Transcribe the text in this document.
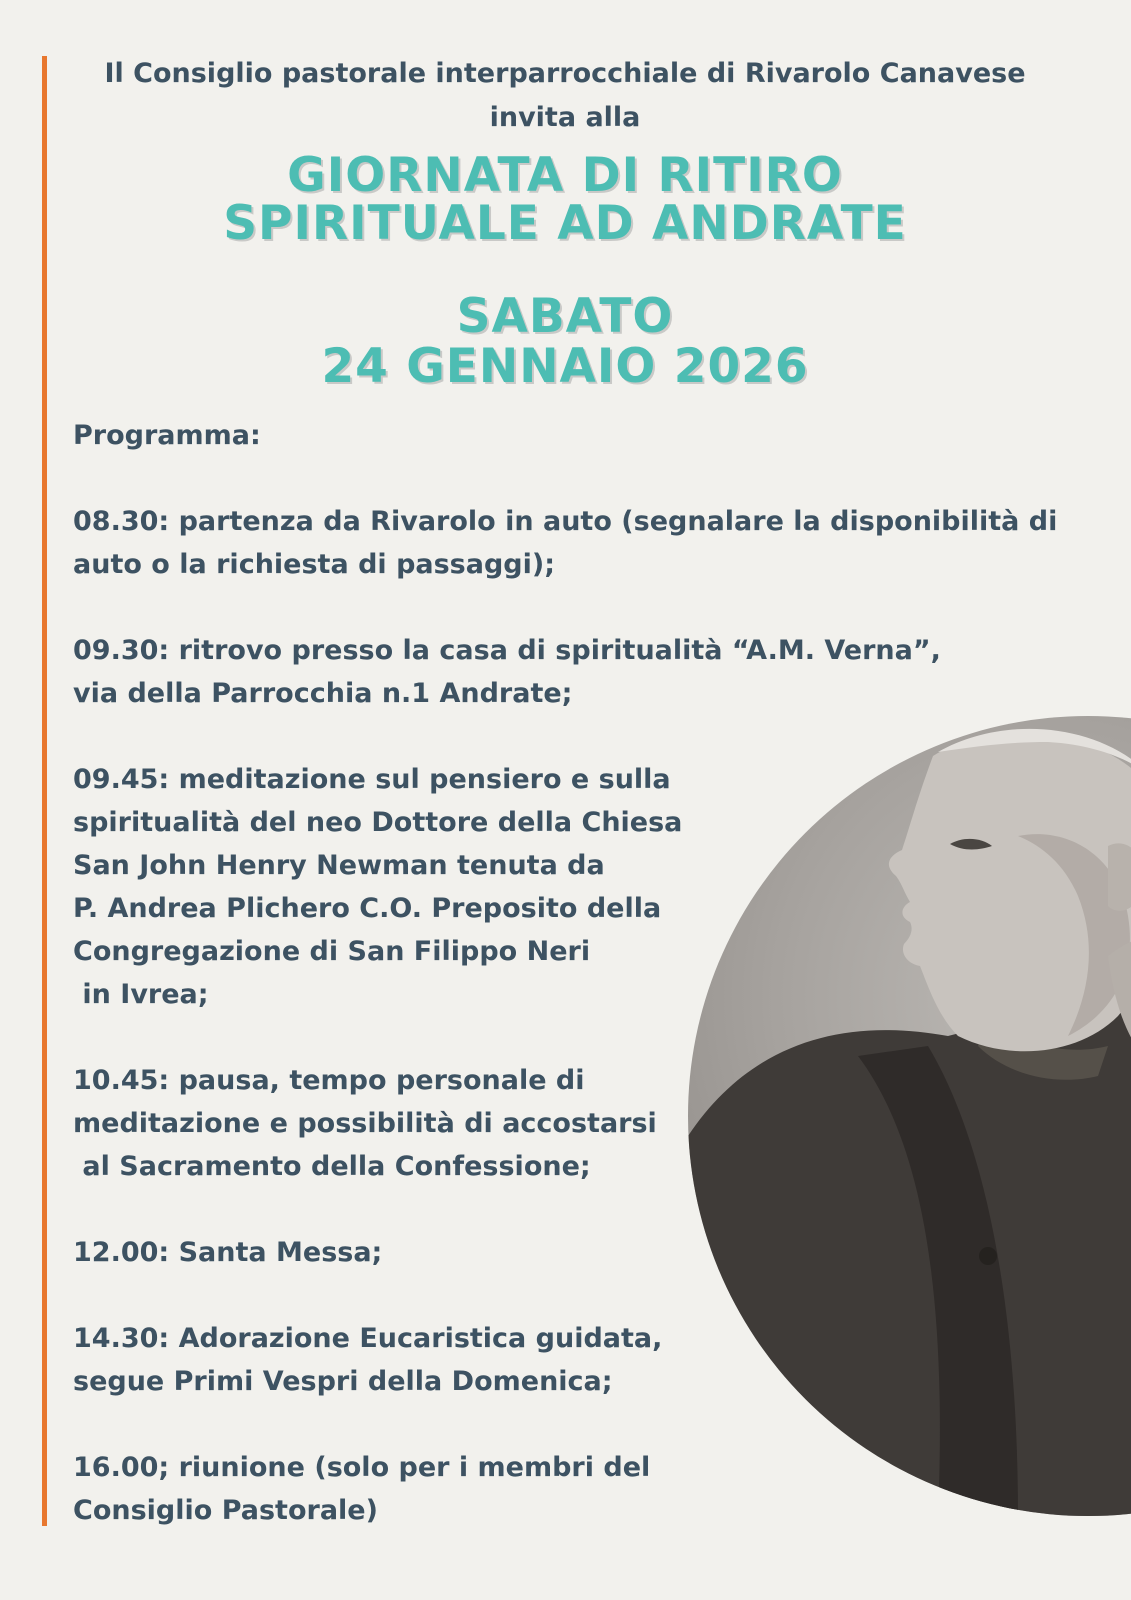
Il Consiglio pastorale interparrocchiale di Rivarolo Canavese
invita alla
GIORNATA DI RITIRO
SPIRITUALE AD ANDRATE
SABATO
24 GENNAIO 2026
Programma:
08.30: partenza da Rivarolo in auto (segnalare la disponibilità di
auto o la richiesta di passaggi);
09.30: ritrovo presso la casa di spiritualità “A.M. Verna”,
via della Parrocchia n.1 Andrate;
09.45: meditazione sul pensiero e sulla
spiritualità del neo Dottore della Chiesa
San John Henry Newman tenuta da
P. Andrea Plichero C.O. Preposito della
Congregazione di San Filippo Neri
in Ivrea;
10.45: pausa, tempo personale di
meditazione e possibilità di accostarsi
al Sacramento della Confessione;
12.00: Santa Messa;
14.30: Adorazione Eucaristica guidata,
segue Primi Vespri della Domenica;
16.00; riunione (solo per i membri del
Consiglio Pastorale)
